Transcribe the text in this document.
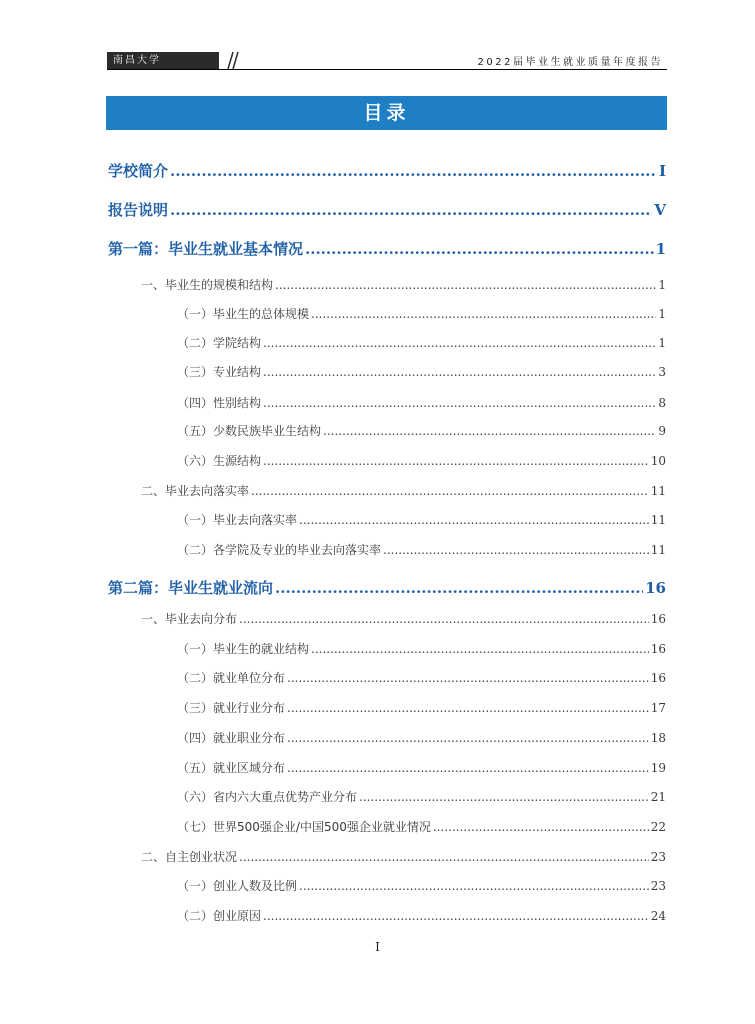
南昌大学	2022届毕业生就业质量年度报告
目录
学校简介 .....	I
报告说明 .....	V
第一篇：毕业生就业基本情况 .....	1
一、毕业生的规模和结构 .....	1
（一）毕业生的总体规模 .....	1
（二）学院结构 .....	1
（三）专业结构 .....	3
（四）性别结构 .....	8
（五）少数民族毕业生结构 .....	9
（六）生源结构 .....	10
二、毕业去向落实率 .....	11
（一）毕业去向落实率 .....	11
（二）各学院及专业的毕业去向落实率 .....	11
第二篇：毕业生就业流向 .....	16
一、毕业去向分布 .....	16
（一）毕业生的就业结构 .....	16
（二）就业单位分布 .....	16
（三）就业行业分布 .....	17
（四）就业职业分布 .....	18
（五）就业区域分布 .....	19
（六）省内六大重点优势产业分布 .....	21
（七）世界500强企业/中国500强企业就业情况 .....	22
二、自主创业状况 .....	23
（一）创业人数及比例 .....	23
（二）创业原因 .....	24
I
